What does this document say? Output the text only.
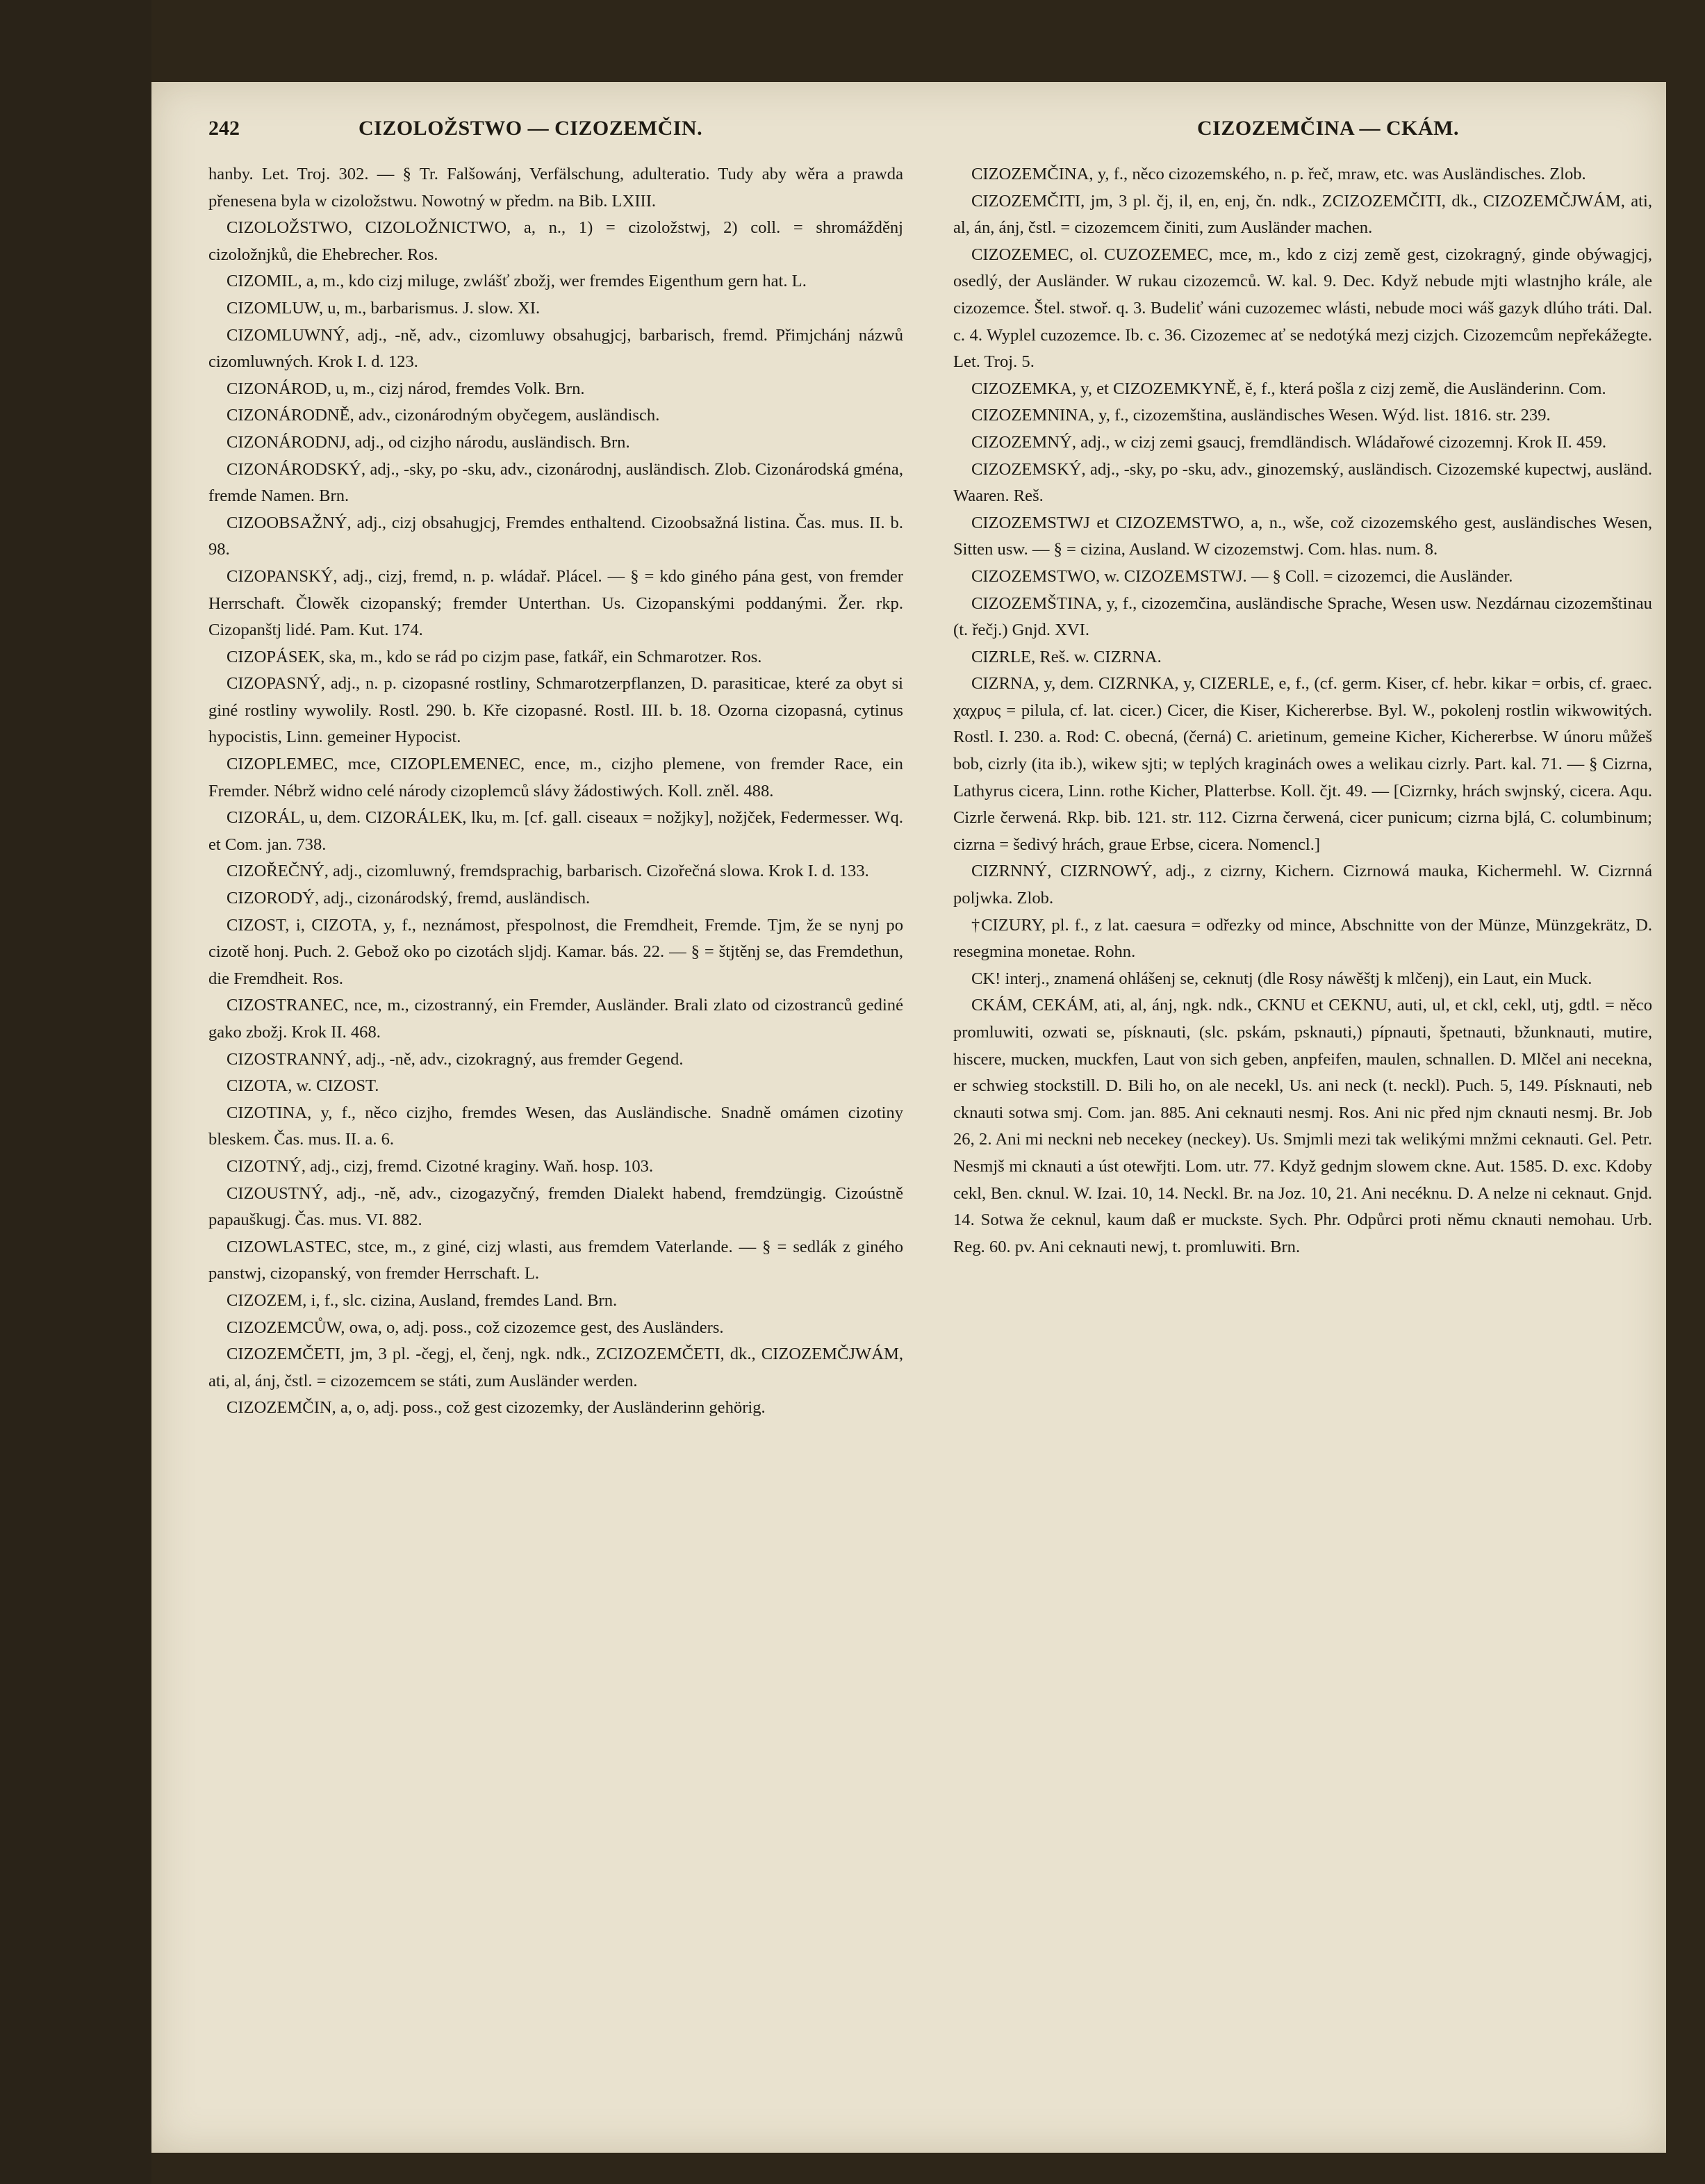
242	CIZOLOŽSTWO — CIZOZEMČIN.	CIZOZEMČINA — CKÁM.

hanby. Let. Troj. 302. — § Tr. Falšowánj, Verfälschung, adulteratio. Tudy aby wěra a prawda přenesena byla w cizoložstwu. Nowotný w předm. na Bib. LXIII.

CIZOLOŽSTWO, CIZOLOŽNICTWO, a, n., 1) = cizoložstwj, 2) coll. = shromážděnj cizoložnjků, die Ehebrecher. Ros.

CIZOMIL, a, m., kdo cizj miluge, zwlášť zbožj, wer fremdes Eigenthum gern hat. L.

CIZOMLUW, u, m., barbarismus. J. slow. XI.

CIZOMLUWNÝ, adj., -ně, adv., cizomluwy obsahugjcj, barbarisch, fremd. Přimjchánj názwů cizomluwných. Krok I. d. 123.

CIZONÁROD, u, m., cizj národ, fremdes Volk. Brn.

CIZONÁRODNĚ, adv., cizonárodným obyčegem, ausländisch.

CIZONÁRODNJ, adj., od cizjho národu, ausländisch. Brn.

CIZONÁRODSKÝ, adj., -sky, po -sku, adv., cizonárodnj, ausländisch. Zlob. Cizonárodská gména, fremde Namen. Brn.

CIZOOBSAŽNÝ, adj., cizj obsahugjcj, Fremdes enthaltend. Cizoobsažná listina. Čas. mus. II. b. 98.

CIZOPANSKÝ, adj., cizj, fremd, n. p. wládař. Plácel. — § = kdo giného pána gest, von fremder Herrschaft. Člowěk cizopanský; fremder Unterthan. Us. Cizopanskými poddanými. Žer. rkp. Cizopanštj lidé. Pam. Kut. 174.

CIZOPÁSEK, ska, m., kdo se rád po cizjm pase, fatkář, ein Schmarotzer. Ros.

CIZOPASNÝ, adj., n. p. cizopasné rostliny, Schmarotzerpflanzen, D. parasiticae, které za obyt si giné rostliny wywolily. Rostl. 290. b. Kře cizopasné. Rostl. III. b. 18. Ozorna cizopasná, cytinus hypocistis, Linn. gemeiner Hypocist.

CIZOPLEMEC, mce, CIZOPLEMENEC, ence, m., cizjho plemene, von fremder Race, ein Fremder. Nébrž widno celé národy cizoplemců slávy žádostiwých. Koll. zněl. 488.

CIZORÁL, u, dem. CIZORÁLEK, lku, m. [cf. gall. ciseaux = nožjky], nožjček, Federmesser. Wq. et Com. jan. 738.

CIZOŘEČNÝ, adj., cizomluwný, fremdsprachig, barbarisch. Cizořečná slowa. Krok I. d. 133.

CIZORODÝ, adj., cizonárodský, fremd, ausländisch.

CIZOST, i, CIZOTA, y, f., neznámost, přespolnost, die Fremdheit, Fremde. Tjm, že se nynj po cizotě honj. Puch. 2. Gebož oko po cizotách sljdj. Kamar. bás. 22. — § = štjtěnj se, das Fremdethun, die Fremdheit. Ros.

CIZOSTRANEC, nce, m., cizostranný, ein Fremder, Ausländer. Brali zlato od cizostranců gediné gako zbožj. Krok II. 468.

CIZOSTRANNÝ, adj., -ně, adv., cizokragný, aus fremder Gegend.

CIZOTA, w. CIZOST.

CIZOTINA, y, f., něco cizjho, fremdes Wesen, das Ausländische. Snadně omámen cizotiny bleskem. Čas. mus. II. a. 6.

CIZOTNÝ, adj., cizj, fremd. Cizotné kraginy. Waň. hosp. 103.

CIZOUSTNÝ, adj., -ně, adv., cizogazyčný, fremden Dialekt habend, fremdzüngig. Cizoústně papauškugj. Čas. mus. VI. 882.

CIZOWLASTEC, stce, m., z giné, cizj wlasti, aus fremdem Vaterlande. — § = sedlák z giného panstwj, cizopanský, von fremder Herrschaft. L.

CIZOZEM, i, f., slc. cizina, Ausland, fremdes Land. Brn.

CIZOZEMCŮW, owa, o, adj. poss., což cizozemce gest, des Ausländers.

CIZOZEMČETI, jm, 3 pl. -čegj, el, čenj, ngk. ndk., ZCIZOZEMČETI, dk., CIZOZEMČJWÁM, ati, al, ánj, čstl. = cizozemcem se státi, zum Ausländer werden.

CIZOZEMČIN, a, o, adj. poss., což gest cizozemky, der Ausländerinn gehörig.

CIZOZEMČINA, y, f., něco cizozemského, n. p. řeč, mraw, etc. was Ausländisches. Zlob.

CIZOZEMČITI, jm, 3 pl. čj, il, en, enj, čn. ndk., ZCIZOZEMČITI, dk., CIZOZEMČJWÁM, ati, al, án, ánj, čstl. = cizozemcem činiti, zum Ausländer machen.

CIZOZEMEC, ol. CUZOZEMEC, mce, m., kdo z cizj země gest, cizokragný, ginde obýwagjcj, osedlý, der Ausländer. W rukau cizozemců. W. kal. 9. Dec. Když nebude mjti wlastnjho krále, ale cizozemce. Štel. stwoř. q. 3. Budeliť wáni cuzozemec wlásti, nebude moci wáš gazyk dlúho tráti. Dal. c. 4. Wyplel cuzozemce. Ib. c. 36. Cizozemec ať se nedotýká mezj cizjch. Cizozemcům nepřekážegte. Let. Troj. 5.

CIZOZEMKA, y, et CIZOZEMKYNĚ, ě, f., která pošla z cizj země, die Ausländerinn. Com.

CIZOZEMNINA, y, f., cizozemština, ausländisches Wesen. Wýd. list. 1816. str. 239.

CIZOZEMNÝ, adj., w cizj zemi gsaucj, fremdländisch. Wládařowé cizozemnj. Krok II. 459.

CIZOZEMSKÝ, adj., -sky, po -sku, adv., ginozemský, ausländisch. Cizozemské kupectwj, ausländ. Waaren. Reš.

CIZOZEMSTWJ et CIZOZEMSTWO, a, n., wše, což cizozemského gest, ausländisches Wesen, Sitten usw. — § = cizina, Ausland. W cizozemstwj. Com. hlas. num. 8.

CIZOZEMSTWO, w. CIZOZEMSTWJ. — § Coll. = cizozemci, die Ausländer.

CIZOZEMŠTINA, y, f., cizozemčina, ausländische Sprache, Wesen usw. Nezdárnau cizozemštinau (t. řečj.) Gnjd. XVI.

CIZRLE, Reš. w. CIZRNA.

CIZRNA, y, dem. CIZRNKA, y, CIZERLE, e, f., (cf. germ. Kiser, cf. hebr. kikar = orbis, cf. graec. χαχρυς = pilula, cf. lat. cicer.) Cicer, die Kiser, Kichererbse. Byl. W., pokolenj rostlin wikwowitých. Rostl. I. 230. a. Rod: C. obecná, (černá) C. arietinum, gemeine Kicher, Kichererbse. W únoru můžeš bob, cizrly (ita ib.), wikew sjti; w teplých kraginách owes a welikau cizrly. Part. kal. 71. — § Cizrna, Lathyrus cicera, Linn. rothe Kicher, Platterbse. Koll. čjt. 49. — [Cizrnky, hrách swjnský, cicera. Aqu. Cizrle čerwená. Rkp. bib. 121. str. 112. Cizrna čerwená, cicer punicum; cizrna bjlá, C. columbinum; cizrna = šedivý hrách, graue Erbse, cicera. Nomencl.]

CIZRNNÝ, CIZRNOWÝ, adj., z cizrny, Kichern. Cizrnowá mauka, Kichermehl. W. Cizrnná poljwka. Zlob.

†CIZURY, pl. f., z lat. caesura = odřezky od mince, Abschnitte von der Münze, Münzgekrätz, D. resegmina monetae. Rohn.

CK! interj., znamená ohlášenj se, ceknutj (dle Rosy náwěštj k mlčenj), ein Laut, ein Muck.

CKÁM, CEKÁM, ati, al, ánj, ngk. ndk., CKNU et CEKNU, auti, ul, et ckl, cekl, utj, gdtl. = něco promluwiti, ozwati se, písknauti, (slc. pskám, psknauti,) pípnauti, špetnauti, bžunknauti, mutire, hiscere, mucken, muckfen, Laut von sich geben, anpfeifen, maulen, schnallen. D. Mlčel ani necekna, er schwieg stockstill. D. Bili ho, on ale necekl, Us. ani neck (t. neckl). Puch. 5, 149. Písknauti, neb cknauti sotwa smj. Com. jan. 885. Ani ceknauti nesmj. Ros. Ani nic před njm cknauti nesmj. Br. Job 26, 2. Ani mi neckni neb necekey (neckey). Us. Smjmli mezi tak welikými mnžmi ceknauti. Gel. Petr. Nesmjš mi cknauti a úst otewřjti. Lom. utr. 77. Když gednjm slowem ckne. Aut. 1585. D. exc. Kdoby cekl, Ben. cknul. W. Izai. 10, 14. Neckl. Br. na Joz. 10, 21. Ani necéknu. D. A nelze ni ceknaut. Gnjd. 14. Sotwa že ceknul, kaum daß er muckste. Sych. Phr. Odpůrci proti němu cknauti nemohau. Urb. Reg. 60. pv. Ani ceknauti newj, t. promluwiti. Brn.
